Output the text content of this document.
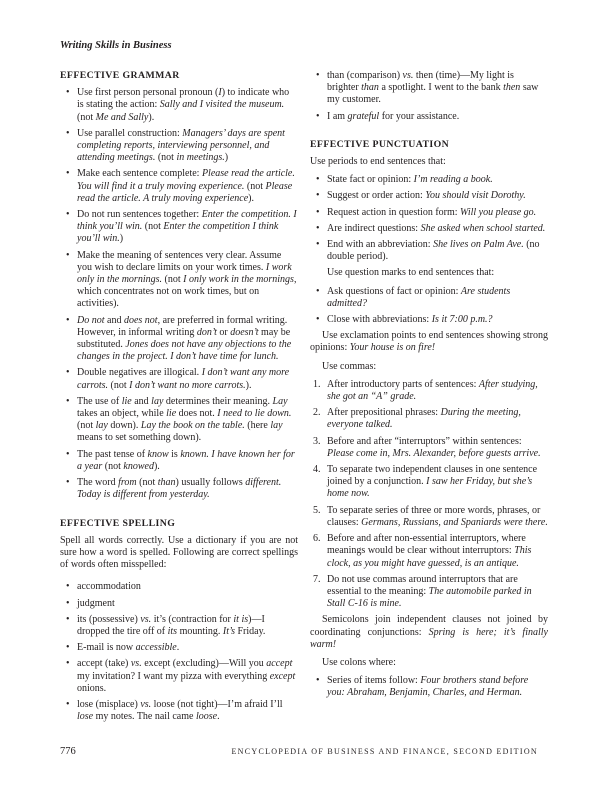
Writing Skills in Business
EFFECTIVE GRAMMAR
• Use first person personal pronoun (I) to indicate who is stating the action: Sally and I visited the museum. (not Me and Sally).
• Use parallel construction: Managers’ days are spent completing reports, interviewing personnel, and attending meetings. (not in meetings.)
• Make each sentence complete: Please read the article. You will find it a truly moving experience. (not Please read the article. A truly moving experience).
• Do not run sentences together: Enter the competition. I think you’ll win. (not Enter the competition I think you’ll win.)
• Make the meaning of sentences very clear. Assume you wish to declare limits on your work times. I work only in the mornings. (not I only work in the mornings, which concentrates not on work times, but on activities).
• Do not and does not, are preferred in formal writing. However, in informal writing don’t or doesn’t may be substituted. Jones does not have any objections to the changes in the project. I don’t have time for lunch.
• Double negatives are illogical. I don’t want any more carrots. (not I don’t want no more carrots.).
• The use of lie and lay determines their meaning. Lay takes an object, while lie does not. I need to lie down. (not lay down). Lay the book on the table. (here lay means to set something down).
• The past tense of know is known. I have known her for a year (not knowed).
• The word from (not than) usually follows different. Today is different from yesterday.
EFFECTIVE SPELLING

Spell all words correctly. Use a dictionary if you are not sure how a word is spelled. Following are correct spellings of words often misspelled:

• accommodation
• judgment
• its (possessive) vs. it’s (contraction for it is)—I dropped the tire off of its mounting. It’s Friday.
• E-mail is now accessible.
• accept (take) vs. except (excluding)—Will you accept my invitation? I want my pizza with everything except onions.
• lose (misplace) vs. loose (not tight)—I’m afraid I’ll lose my notes. The nail came loose.
• than (comparison) vs. then (time)—My light is brighter than a spotlight. I went to the bank then saw my customer.
• I am grateful for your assistance.
EFFECTIVE PUNCTUATION

Use periods to end sentences that:

• State fact or opinion: I’m reading a book.
• Suggest or order action: You should visit Dorothy.
• Request action in question form: Will you please go.
• Are indirect questions: She asked when school started.
• End with an abbreviation: She lives on Palm Ave. (no double period).

Use question marks to end sentences that:

• Ask questions of fact or opinion: Are students admitted?
• Close with abbreviations: Is it 7:00 p.m.?

Use exclamation points to end sentences showing strong opinions: Your house is on fire!

Use commas:

1. After introductory parts of sentences: After studying, she got an “A” grade.
2. After prepositional phrases: During the meeting, everyone talked.
3. Before and after “interruptors” within sentences: Please come in, Mrs. Alexander, before guests arrive.
4. To separate two independent clauses in one sentence joined by a conjunction. I saw her Friday, but she’s home now.
5. To separate series of three or more words, phrases, or clauses: Germans, Russians, and Spaniards were there.
6. Before and after non-essential interruptors, where meanings would be clear without interruptors: This clock, as you might have guessed, is an antique.
7. Do not use commas around interruptors that are essential to the meaning: The automobile parked in Stall C-16 is mine.

Semicolons join independent clauses not joined by coordinating conjunctions: Spring is here; it’s finally warm!

Use colons where:

• Series of items follow: Four brothers stand before you: Abraham, Benjamin, Charles, and Herman.
776	ENCYCLOPEDIA OF BUSINESS AND FINANCE, SECOND EDITION
